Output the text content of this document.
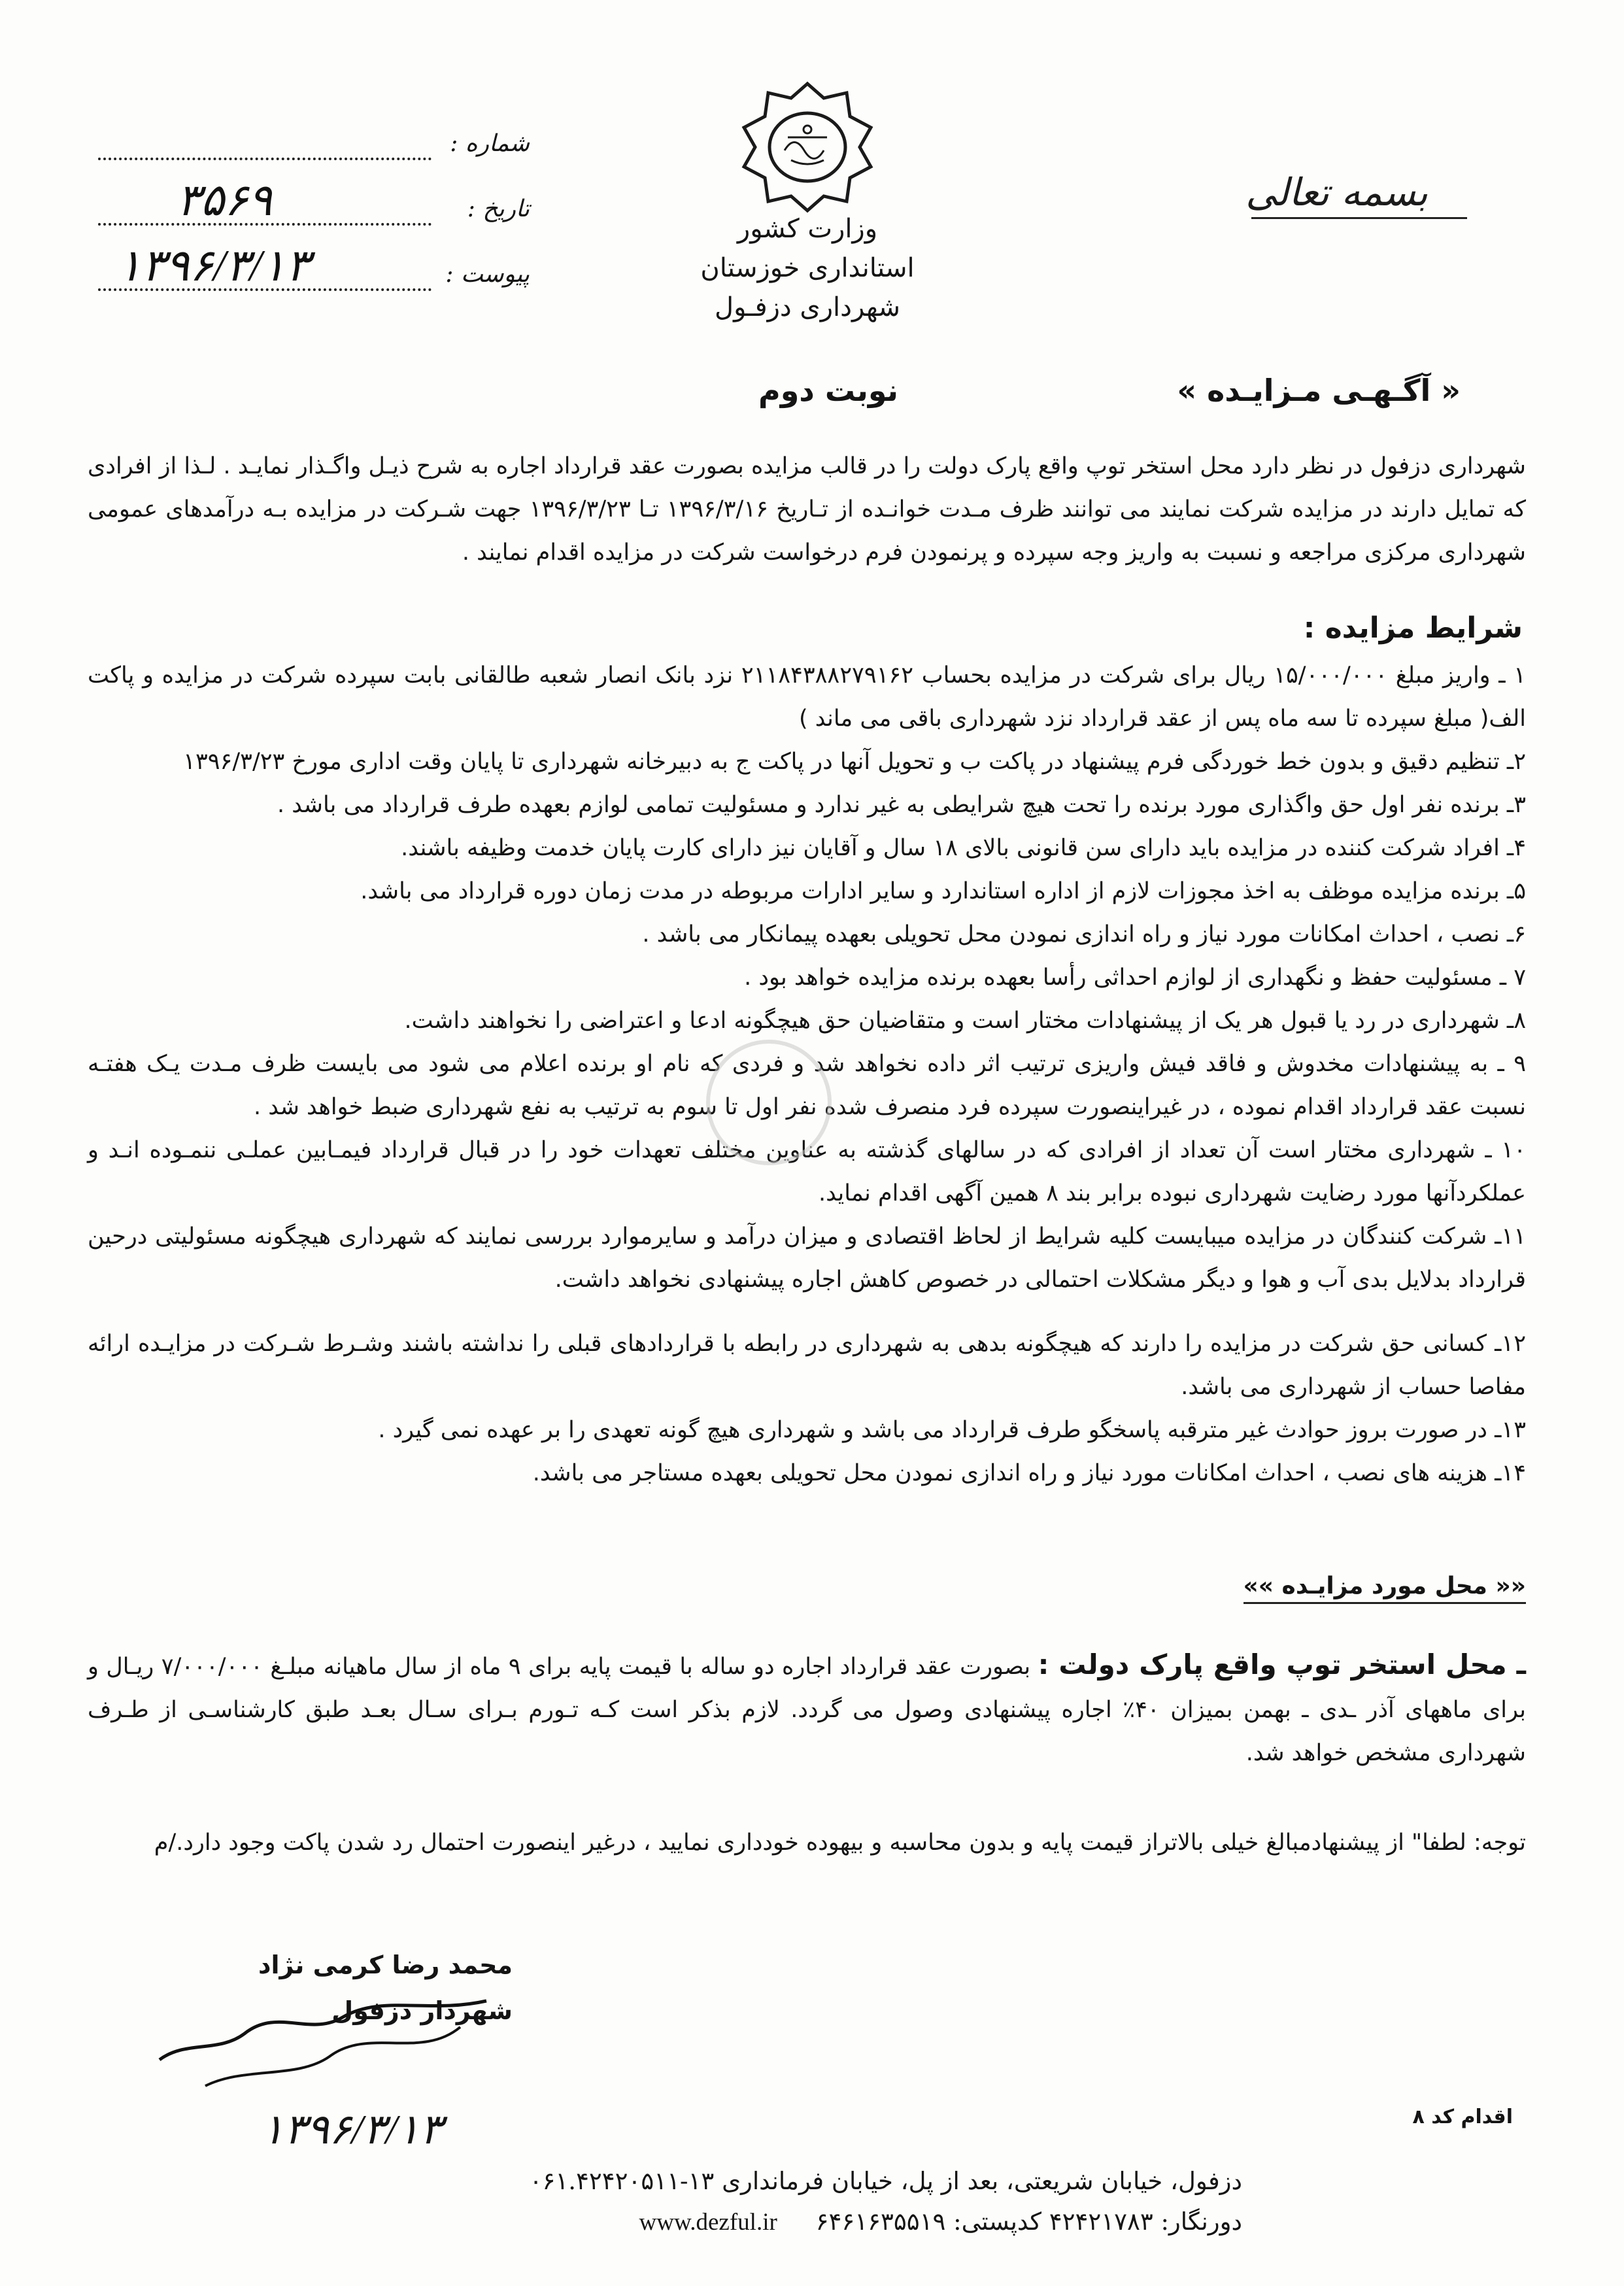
بسمه تعالی
وزارت کشور
استانداری خوزستان
شهرداری دزفـول
شماره :
تاریخ :
۳۵۶۹
پیوست :
۱۳۹۶/۳/۱۳
« آگـهـی مـزایـده »
نوبت دوم

شهرداری دزفول در نظر دارد محل استخر توپ واقع پارک دولت را در قالب مزایده بصورت عقد قرارداد اجاره به شرح ذیـل واگـذار نمایـد . لـذا از افرادی که تمایل دارند در مزایده شرکت نمایند می توانند ظرف مـدت خوانـده از تـاریخ ۱۳۹۶/۳/۱۶ تـا ۱۳۹۶/۳/۲۳ جهت شـرکت در مزایده بـه درآمدهای عمومی شهرداری مرکزی مراجعه و نسبت به واریز وجه سپرده و پرنمودن فرم درخواست شرکت در مزایده اقدام نمایند .

شرایط مزایده :

۱ ـ واریز مبلغ ۱۵/۰۰۰/۰۰۰ ریال برای شرکت در مزایده بحساب ۲۱۱۸۴۳۸۸۲۷۹۱۶۲ نزد بانک انصار شعبه طالقانی بابت سپرده شرکت در مزایده و پاکت الف( مبلغ سپرده تا سه ماه پس از عقد قرارداد نزد شهرداری باقی می ماند )

۲ـ تنظیم دقیق و بدون خط خوردگی فرم پیشنهاد در پاکت ب و تحویل آنها در پاکت ج به دبیرخانه شهرداری تا پایان وقت اداری مورخ ۱۳۹۶/۳/۲۳

۳ـ برنده نفر اول حق واگذاری مورد برنده را تحت هیچ شرایطی به غیر ندارد و مسئولیت تمامی لوازم بعهده طرف قرارداد می باشد .

۴ـ افراد شرکت کننده در مزایده باید دارای سن قانونی بالای ۱۸ سال و آقایان نیز دارای کارت پایان خدمت وظیفه باشند.

۵ـ برنده مزایده موظف به اخذ مجوزات لازم از اداره استاندارد و سایر ادارات مربوطه در مدت زمان دوره قرارداد می باشد.

۶ـ نصب ، احداث امکانات مورد نیاز و راه اندازی نمودن محل تحویلی بعهده پیمانکار می باشد .

۷ ـ مسئولیت حفظ و نگهداری از لوازم احداثی رأسا بعهده برنده مزایده خواهد بود .

۸ـ شهرداری در رد یا قبول هر یک از پیشنهادات مختار است و متقاضیان حق هیچگونه ادعا و اعتراضی را نخواهند داشت.

۹ ـ به پیشنهادات مخدوش و فاقد فیش واریزی ترتیب اثر داده نخواهد شد و فردی که نام او برنده اعلام می شود می بایست ظرف مـدت یـک هفتـه نسبت عقد قرارداد اقدام نموده ، در غیراینصورت سپرده فرد منصرف شده نفر اول تا سوم به ترتیب به نفع شهرداری ضبط خواهد شد .

۱۰ ـ شهرداری مختار است آن تعداد از افرادی که در سالهای گذشته به عناوین مختلف تعهدات خود را در قبال قرارداد فیمـابین عملـی ننمـوده انـد و عملکردآنها مورد رضایت شهرداری نبوده برابر بند ۸ همین آگهی اقدام نماید.

۱۱ـ شرکت کنندگان در مزایده میبایست کلیه شرایط از لحاظ اقتصادی و میزان درآمد و سایرموارد بررسی نمایند که شهرداری هیچگونه مسئولیتی درحین قرارداد بدلایل بدی آب و هوا و دیگر مشکلات احتمالی در خصوص کاهش اجاره پیشنهادی نخواهد داشت.

۱۲ـ کسانی حق شرکت در مزایده را دارند که هیچگونه بدهی به شهرداری در رابطه با قراردادهای قبلی را نداشته باشند وشـرط شـرکت در مزایـده ارائه مفاصا حساب از شهرداری می باشد.

۱۳ـ در صورت بروز حوادث غیر مترقبه پاسخگو طرف قرارداد می باشد و شهرداری هیچ گونه تعهدی را بر عهده نمی گیرد .

۱۴ـ هزینه های نصب ، احداث امکانات مورد نیاز و راه اندازی نمودن محل تحویلی بعهده مستاجر می باشد.

«« محل مورد مزایـده »»

ـ محل استخر توپ واقع پارک دولت : بصورت عقد قرارداد اجاره دو ساله با قیمت پایه برای ۹ ماه از سال ماهیانه مبلـغ ۷/۰۰۰/۰۰۰ ریـال و برای ماههای آذر ـدی ـ بهمن بمیزان ۴۰٪ اجاره پیشنهادی وصول می گردد. لازم بذکر است کـه تـورم بـرای سـال بعـد طبق کارشناسـی از طـرف شهرداری مشخص خواهد شد.

توجه: لطفا" از پیشنهادمبالغ خیلی بالاتراز قیمت پایه و بدون محاسبه و بیهوده خودداری نمایید ، درغیر اینصورت احتمال رد شدن پاکت وجود دارد./م

محمد رضا کرمی نژاد
شهردار دزفول
اقدام کد ۸
۱۳۹۶/۳/۱۳

دزفول، خیابان شریعتی، بعد از پل، خیابان فرمانداری ۱۳-۰۶۱.۴۲۴۲۰۵۱۱

دورنگار: ۴۲۴۲۱۷۸۳ کدپستی: ۶۴۶۱۶۳۵۵۱۹     www.dezful.ir
